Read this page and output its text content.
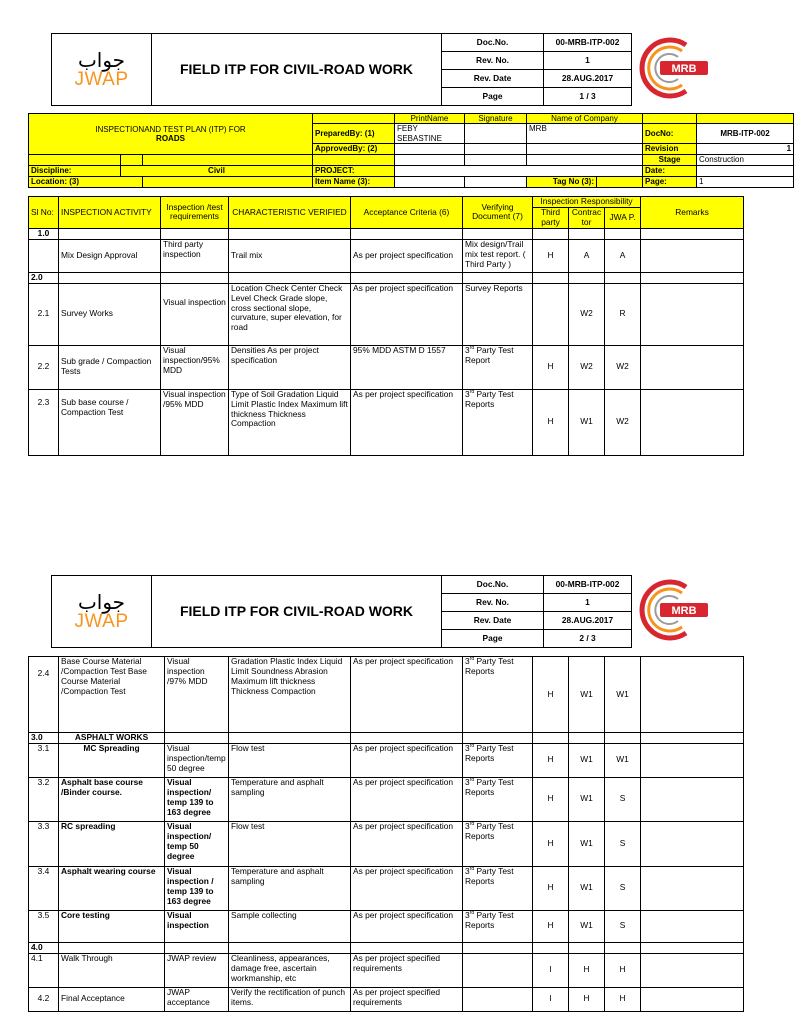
جواب
JWAP	FIELD ITP FOR CIVIL-ROAD WORK	Doc.No.	00-MRB-ITP-002	MRB

		Rev. No.	1	
		Rev. Date	28.AUG.2017	
		Page	1 / 3	
INSPECTIONAND TEST PLAN (ITP) FOR
ROADS				PrintName	Signature	Name of Company			
			PreparedBy: (1)	FEBY SEBASTINE		MRB		DocNo:	MRB-ITP-002
			ApprovedBy: (2)					Revision	1
								Stage	Construction
Discipline:	Civil		PROJECT:					Date:	
Location: (3)			Item Name (3):			Tag No (3):		Page:	1
Sl No:	INSPECTION ACTIVITY	Inspection /test requirements	CHARACTERISTIC VERIFIED	Acceptance Criteria (6)	Verifying Document (7)	Inspection Responsibility			Remarks
						Third party	Contrac tor	JWA P.	
1.0									
	Mix Design Approval	Third party inspection	Trail mix	As per project specification	Mix design/Trail mix test report. ( Third Party )	H	A	A	
2.0									
2.1	Survey Works	Visual inspection	Location Check Center Check Level Check Grade slope, cross sectional slope, curvature, super elevation, for road	As per project specification	Survey Reports		W2	R	
2.2	Sub grade / Compaction Tests	Visual inspection/95% MDD	Densities As per project specification	95% MDD ASTM D 1557	3rd Party Test Report	H	W2	W2	
2.3	Sub base course / Compaction Test	Visual inspection /95% MDD	Type of Soil Gradation Liquid Limit Plastic Index Maximum lift thickness Thickness Compaction	As per project specification	3rd Party Test Reports	H	W1	W2	
جواب
JWAP	FIELD ITP FOR CIVIL-ROAD WORK	Doc.No.	00-MRB-ITP-002	MRB

		Rev. No.	1	
		Rev. Date	28.AUG.2017	
		Page	2 / 3	
2.4	Base Course Material /Compaction Test Base Course Material /Compaction Test	Visual inspection /97% MDD	Gradation Plastic Index Liquid Limit Soundness Abrasion Maximum lift thickness Thickness Compaction	As per project specification	3rd Party Test Reports	H	W1	W1	
3.0	ASPHALT WORKS								
3.1	MC Spreading	Visual inspection/temp 50 degree	Flow test	As per project specification	3rd Party Test Reports	H	W1	W1	
3.2	Asphalt base course /Binder course.	Visual inspection/ temp 139 to 163 degree	Temperature and asphalt sampling	As per project specification	3rd Party Test Reports	H	W1	S	
3.3	RC spreading	Visual inspection/ temp 50 degree	Flow test	As per project specification	3rd Party Test Reports	H	W1	S	
3.4	Asphalt wearing course	Visual inspection / temp 139 to 163 degree	Temperature and asphalt sampling	As per project specification	3rd Party Test Reports	H	W1	S	
3.5	Core testing	Visual inspection	Sample collecting	As per project specification	3rd Party Test Reports	H	W1	S	
4.0									
4.1	Walk Through	JWAP review	Cleanliness, appearances, damage free, ascertain workmanship, etc	As per project specified requirements		I	H	H	
4.2	Final Acceptance	JWAP acceptance	Verify the rectification of punch items.	As per project specified requirements		I	H	H	
